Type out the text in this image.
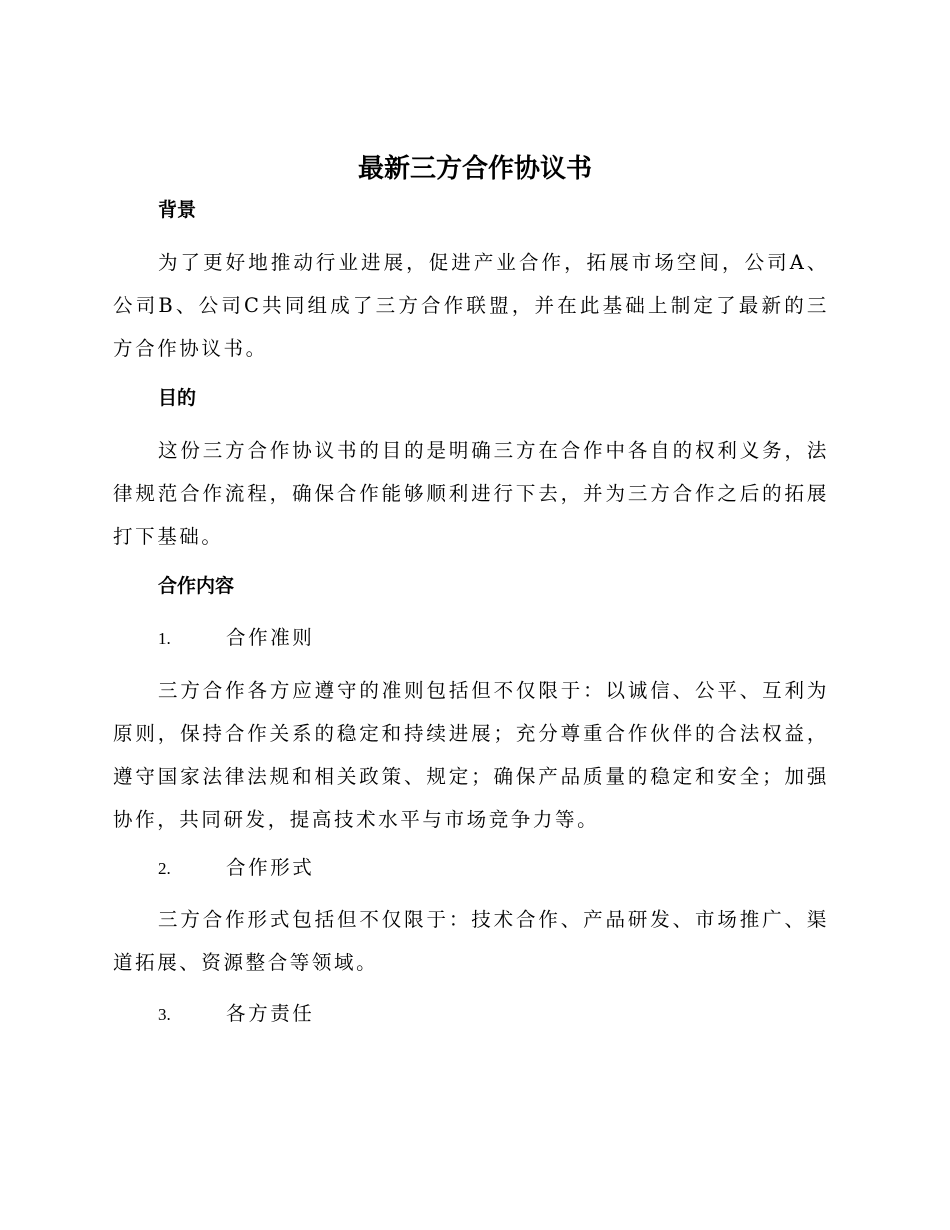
最新三方合作协议书
背景

为了更好地推动行业进展，促进产业合作，拓展市场空间，公司A、公司B、公司C共同组成了三方合作联盟，并在此基础上制定了最新的三方合作协议书。

目的

这份三方合作协议书的目的是明确三方在合作中各自的权利义务，法律规范合作流程，确保合作能够顺利进行下去，并为三方合作之后的拓展打下基础。

合作内容
1.	合作准则

三方合作各方应遵守的准则包括但不仅限于：以诚信、公平、互利为原则，保持合作关系的稳定和持续进展；充分尊重合作伙伴的合法权益，遵守国家法律法规和相关政策、规定；确保产品质量的稳定和安全；加强协作，共同研发，提高技术水平与市场竞争力等。

2.	合作形式

三方合作形式包括但不仅限于：技术合作、产品研发、市场推广、渠道拓展、资源整合等领域。

3.	各方责任
